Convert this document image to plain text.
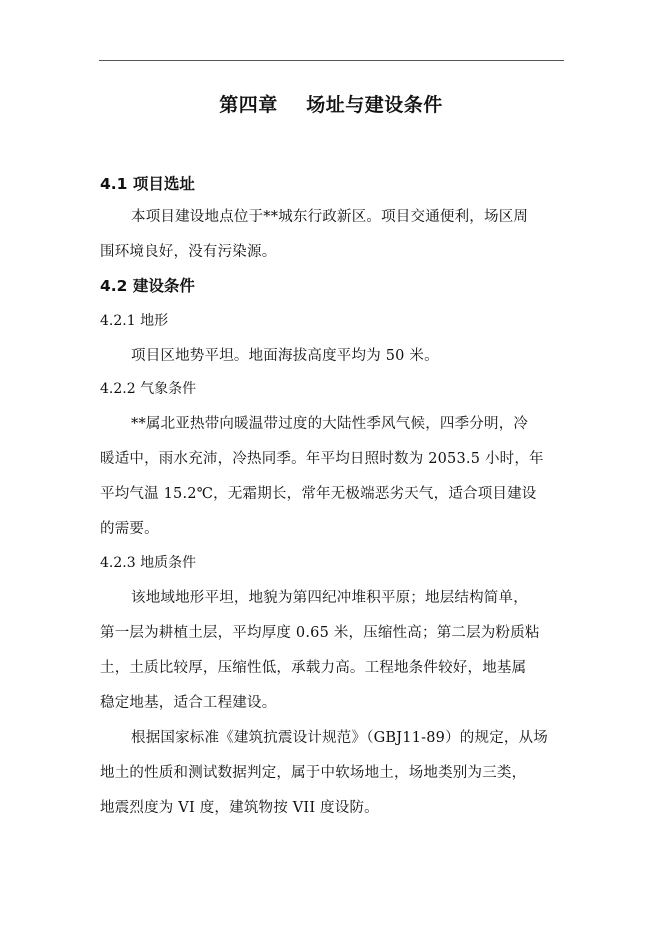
第四章    场址与建设条件
4.1 项目选址
本项目建设地点位于**城东行政新区。项目交通便利，场区周
围环境良好，没有污染源。
4.2 建设条件
4.2.1 地形
项目区地势平坦。地面海拔高度平均为 50 米。
4.2.2 气象条件
**属北亚热带向暖温带过度的大陆性季风气候，四季分明，冷
暖适中，雨水充沛，冷热同季。年平均日照时数为 2053.5 小时，年
平均气温 15.2℃，无霜期长，常年无极端恶劣天气，适合项目建设
的需要。
4.2.3 地质条件
该地域地形平坦，地貌为第四纪冲堆积平原；地层结构简单，
第一层为耕植土层，平均厚度 0.65 米，压缩性高；第二层为粉质粘
土，土质比较厚，压缩性低，承载力高。工程地条件较好，地基属
稳定地基，适合工程建设。
根据国家标准《建筑抗震设计规范》（GBJ11-89）的规定，从场
地土的性质和测试数据判定，属于中软场地土，场地类别为三类，
地震烈度为 VI 度，建筑物按 VII 度设防。
